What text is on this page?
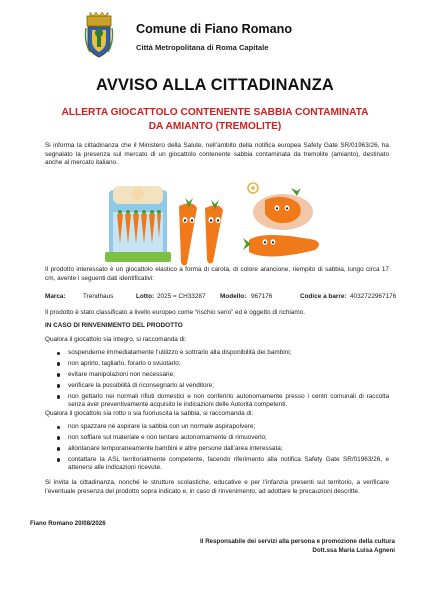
Comune di Fiano Romano
Città Metropolitana di Roma Capitale
AVVISO ALLA CITTADINANZA
ALLERTA GIOCATTOLO CONTENENTE SABBIA CONTAMINATA DA AMIANTO (TREMOLITE)
Si informa la cittadinanza che il Ministero della Salute, nell’ambito della notifica europea Safety Gate SR/01963/26, ha segnalato la presenza sul mercato di un giocattolo contenente sabbia contaminata da tremolite (amianto), destinato anche al mercato italiano.
Il prodotto interessato è un giocattolo elastico a forma di carota, di colore arancione, riempito di sabbia, lungo circa 17 cm, avente i seguenti dati identificativi:
Marca:	Trendhaus	Lotto: 2025 = CH33287 Modello: 967176	Codice a barre: 4032722967176
Il prodotto è stato classificato a livello europeo come “rischio serio” ed è oggetto di richiamo.
IN CASO DI RINVENIMENTO DEL PRODOTTO
Qualora il giocattolo sia integro, si raccomanda di:
sospenderne immediatamente l’utilizzo e sottrarlo alla disponibilità dei bambini;
non aprirlo, tagliarlo, forarlo o svuotarlo;
evitare manipolazioni non necessarie;
verificare la possibilità di riconsegnarlo al venditore;
non gettarlo nei normali rifiuti domestici e non conferirlo autonomamente presso i centri comunali di raccolta senza aver preventivamente acquisito le indicazioni delle Autorità competenti.
Qualora il giocattolo sia rotto o sia fuoriuscita la sabbia, si raccomanda di:
non spazzare né aspirare la sabbia con un normale aspirapolvere;
non soffiare sul materiale e non tentare autonomamente di rimuoverlo;
allontanare temporaneamente bambini e altre persone dall’area interessata;
contattare la ASL territorialmente competente, facendo riferimento alla notifica Safety Gate SR/01963/26, e attenersi alle indicazioni ricevute.
Si invita la cittadinanza, nonché le strutture scolastiche, educative e per l’infanzia presenti sul territorio, a verificare l’eventuale presenza del prodotto sopra indicato e, in caso di rinvenimento, ad adottare le precauzioni descritte.
Fiano Romano 20/08/2026
Il Responsabile dei servizi alla persona e promozione della cultura
Dott.ssa Maria Luisa Agneni
